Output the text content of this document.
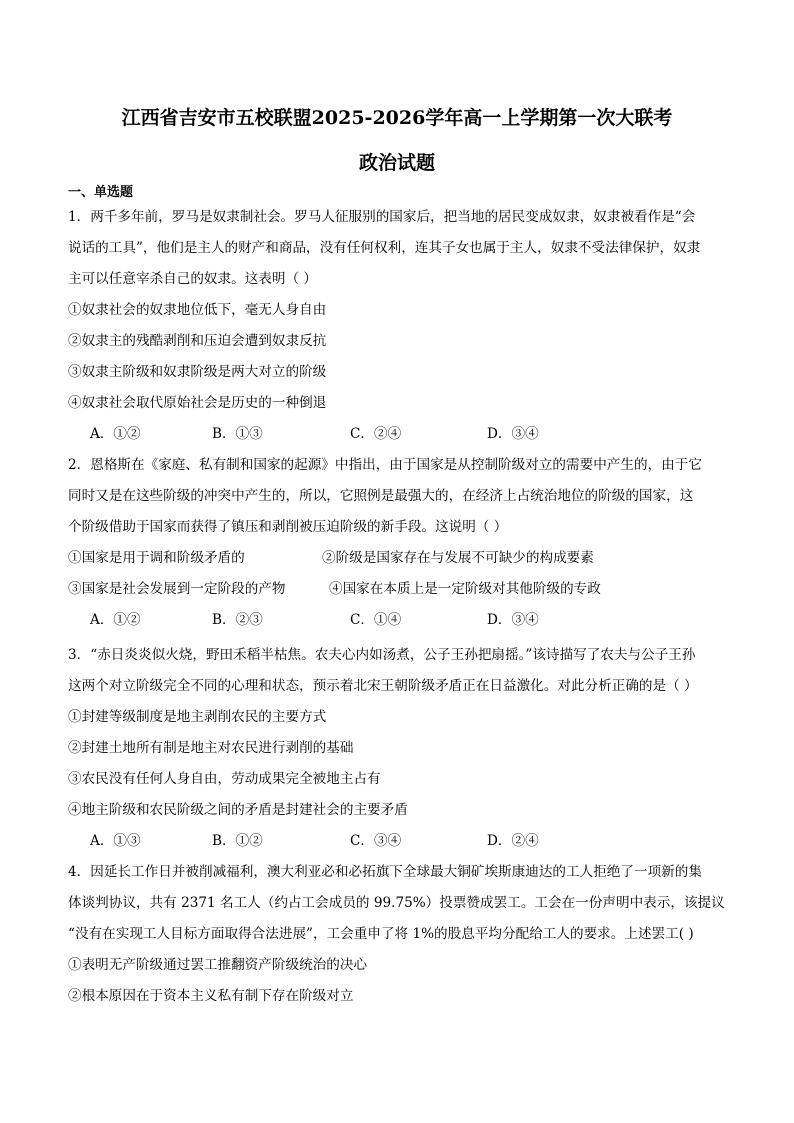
江西省吉安市五校联盟2025-2026学年高一上学期第一次大联考
政治试题
一、单选题
1．两千多年前，罗马是奴隶制社会。罗马人征服别的国家后，把当地的居民变成奴隶，奴隶被看作是“会
说话的工具”，他们是主人的财产和商品，没有任何权利，连其子女也属于主人，奴隶不受法律保护，奴隶
主可以任意宰杀自己的奴隶。这表明（ ）
①奴隶社会的奴隶地位低下，毫无人身自由
②奴隶主的残酷剥削和压迫会遭到奴隶反抗
③奴隶主阶级和奴隶阶级是两大对立的阶级
④奴隶社会取代原始社会是历史的一种倒退
A．①②	B．①③	C．②④	D．③④
2．恩格斯在《家庭、私有制和国家的起源》中指出，由于国家是从控制阶级对立的需要中产生的，由于它
同时又是在这些阶级的冲突中产生的，所以，它照例是最强大的，在经济上占统治地位的阶级的国家，这
个阶级借助于国家而获得了镇压和剥削被压迫阶级的新手段。这说明（ ）
①国家是用于调和阶级矛盾的	②阶级是国家存在与发展不可缺少的构成要素
③国家是社会发展到一定阶段的产物	④国家在本质上是一定阶级对其他阶级的专政
A．①②	B．②③	C．①④	D．③④
3．“赤日炎炎似火烧，野田禾稻半枯焦。农夫心内如汤煮，公子王孙把扇摇。”该诗描写了农夫与公子王孙
这两个对立阶级完全不同的心理和状态，预示着北宋王朝阶级矛盾正在日益激化。对此分析正确的是（ ）
①封建等级制度是地主剥削农民的主要方式
②封建土地所有制是地主对农民进行剥削的基础
③农民没有任何人身自由，劳动成果完全被地主占有
④地主阶级和农民阶级之间的矛盾是封建社会的主要矛盾
A．①③	B．①②	C．③④	D．②④
4．因延长工作日并被削减福利，澳大利亚必和必拓旗下全球最大铜矿埃斯康迪达的工人拒绝了一项新的集
体谈判协议，共有 2371 名工人（约占工会成员的 99.75%）投票赞成罢工。工会在一份声明中表示，该提议
“没有在实现工人目标方面取得合法进展”，工会重申了将 1%的股息平均分配给工人的要求。上述罢工( )
①表明无产阶级通过罢工推翻资产阶级统治的决心
②根本原因在于资本主义私有制下存在阶级对立
